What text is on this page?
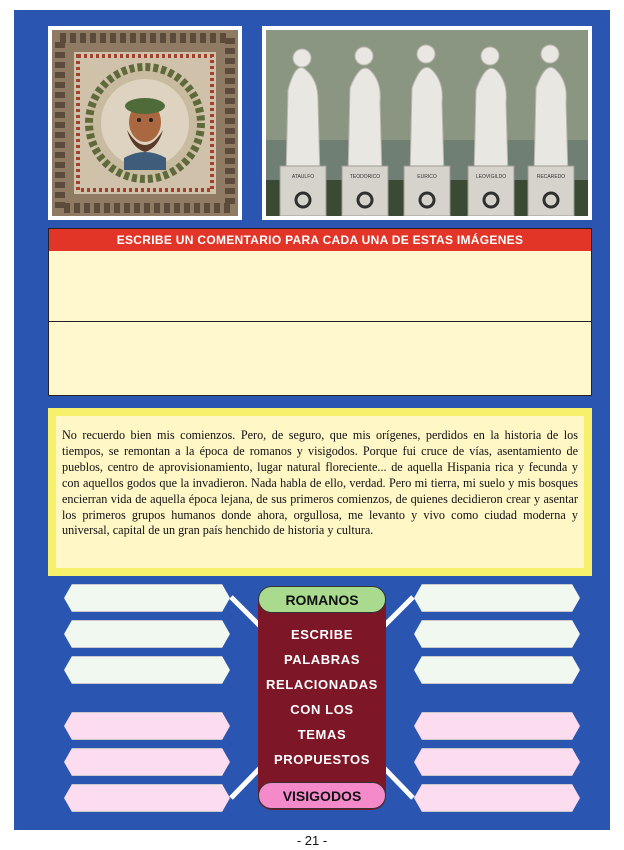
ATAULFO	TEODORICO	EURICO	LEOVIGILDO	RECAREDO
ESCRIBE UN COMENTARIO PARA CADA UNA DE ESTAS IMÁGENES
No recuerdo bien mis comienzos. Pero, de seguro, que mis orígenes, perdidos en la historia de los tiempos, se remontan a la época de romanos y visigodos. Porque fui cruce de vías, asentamiento de pueblos, centro de aprovisionamiento, lugar natural floreciente... de aquella Hispania rica y fecunda y con aquellos godos que la invadieron. Nada habla de ello, verdad. Pero mi tierra, mi suelo y mis bosques encierran vida de aquella época lejana, de sus primeros comienzos, de quienes decidieron crear y asentar los primeros grupos humanos donde ahora, orgullosa, me levanto y vivo como ciudad moderna y universal, capital de un gran país henchido de historia y cultura.
ESCRIBE
PALABRAS
RELACIONADAS
CON LOS
TEMAS
PROPUESTOS
ROMANOS
VISIGODOS
- 21 -
